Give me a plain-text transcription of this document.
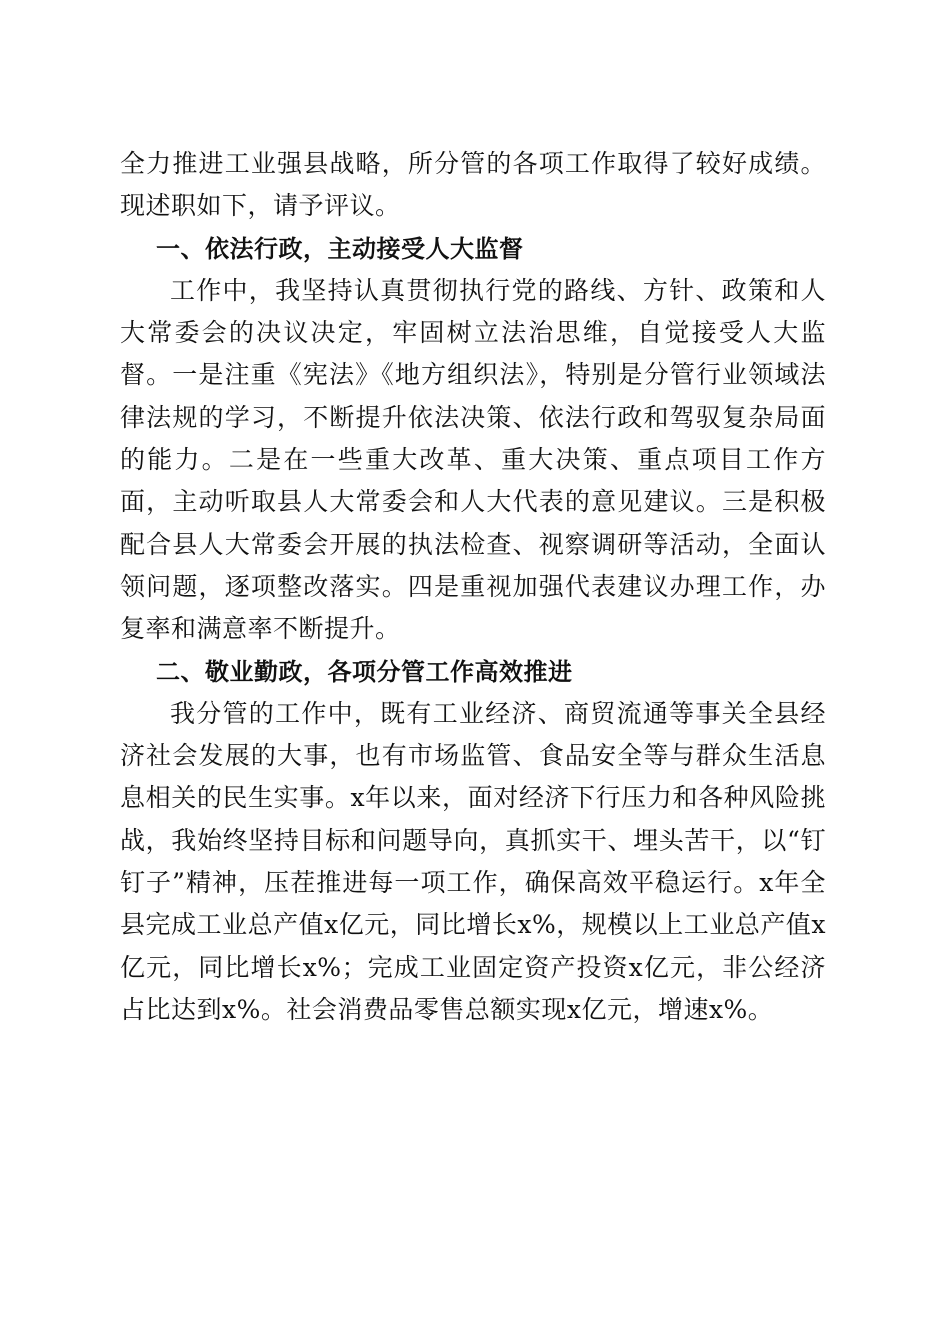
全力推进工业强县战略，所分管的各项工作取得了较好成绩。现述职如下，请予评议。

一、依法行政，主动接受人大监督

工作中，我坚持认真贯彻执行党的路线、方针、政策和人大常委会的决议决定，牢固树立法治思维，自觉接受人大监督。一是注重《宪法》《地方组织法》，特别是分管行业领域法律法规的学习，不断提升依法决策、依法行政和驾驭复杂局面的能力。二是在一些重大改革、重大决策、重点项目工作方面，主动听取县人大常委会和人大代表的意见建议。三是积极配合县人大常委会开展的执法检查、视察调研等活动，全面认领问题，逐项整改落实。四是重视加强代表建议办理工作，办复率和满意率不断提升。

二、敬业勤政，各项分管工作高效推进

我分管的工作中，既有工业经济、商贸流通等事关全县经济社会发展的大事，也有市场监管、食品安全等与群众生活息息相关的民生实事。x年以来，面对经济下行压力和各种风险挑战，我始终坚持目标和问题导向，真抓实干、埋头苦干，以“钉钉子”精神，压茬推进每一项工作，确保高效平稳运行。x年全县完成工业总产值x亿元，同比增长x%，规模以上工业总产值x亿元，同比增长x%；完成工业固定资产投资x亿元，非公经济占比达到x%。社会消费品零售总额实现x亿元，增速x%。
